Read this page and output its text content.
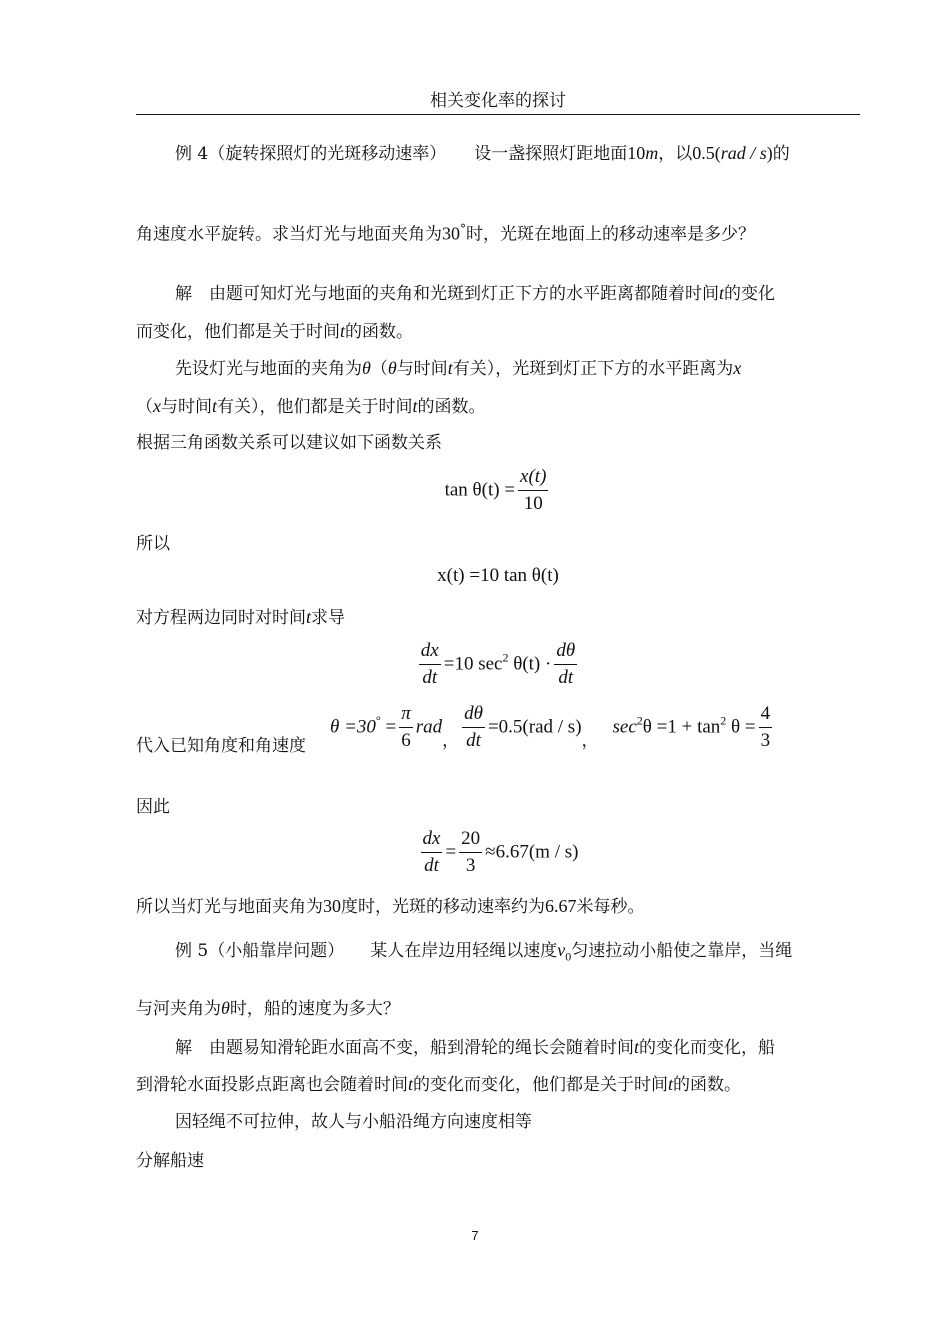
相关变化率的探讨
例 4（旋转探照灯的光斑移动速率） 设一盏探照灯距地面10m，以0.5(rad / s)的
角速度水平旋转。求当灯光与地面夹角为30°时，光斑在地面上的移动速率是多少？
解　由题可知灯光与地面的夹角和光斑到灯正下方的水平距离都随着时间t的变化
而变化，他们都是关于时间t的函数。
先设灯光与地面的夹角为θ（θ与时间t有关），光斑到灯正下方的水平距离为x
（x与时间t有关），他们都是关于时间t的函数。
根据三角函数关系可以建议如下函数关系
$\tan \theta(t) = \frac{x(t)}{10}$
所以
x(t) =10 tan θ(t)
对方程两边同时对时间t求导
$\frac{dx}{dt} =10$ $\sec^2 \theta(t) \cdot \frac{d\theta}{dt}$
代入已知角度和角速度
$\theta =30^\circ = \frac{\pi}{6}$ rad， $\frac{d\theta}{dt} =0.5(rad / s)$，$\sec^2\theta =1 + \tan^2 \theta = \frac{4}{3}$
因此
$\frac{dx}{dt} = \frac{20}{3} \approx 6.67(m / s)$
所以当灯光与地面夹角为30度时，光斑的移动速率约为6.67米每秒。
例 5（小船靠岸问题） 某人在岸边用轻绳以速度$v_0$匀速拉动小船使之靠岸，当绳
与河夹角为θ时，船的速度为多大？
解　由题易知滑轮距水面高不变，船到滑轮的绳长会随着时间t的变化而变化，船
到滑轮水面投影点距离也会随着时间t的变化而变化，他们都是关于时间t的函数。
因轻绳不可拉伸，故人与小船沿绳方向速度相等
分解船速
7
